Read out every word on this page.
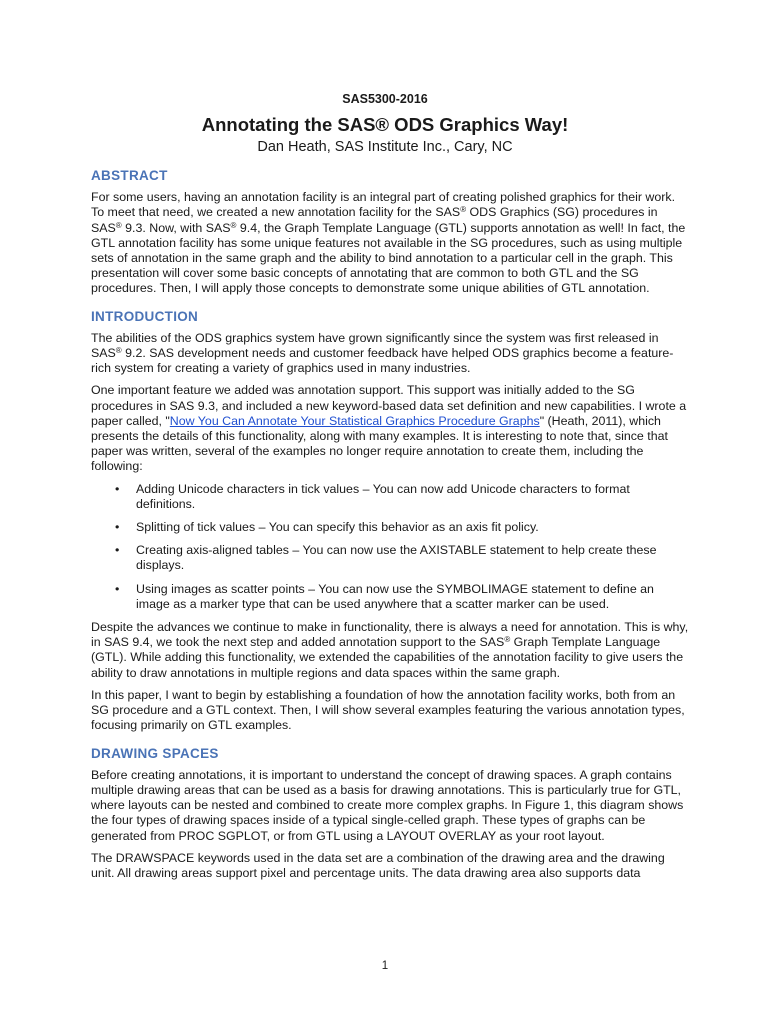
SAS5300-2016
Annotating the SAS® ODS Graphics Way!
Dan Heath, SAS Institute Inc., Cary, NC
ABSTRACT

For some users, having an annotation facility is an integral part of creating polished graphics for their work. To meet that need, we created a new annotation facility for the SAS® ODS Graphics (SG) procedures in SAS® 9.3. Now, with SAS® 9.4, the Graph Template Language (GTL) supports annotation as well! In fact, the GTL annotation facility has some unique features not available in the SG procedures, such as using multiple sets of annotation in the same graph and the ability to bind annotation to a particular cell in the graph. This presentation will cover some basic concepts of annotating that are common to both GTL and the SG procedures. Then, I will apply those concepts to demonstrate some unique abilities of GTL annotation.

INTRODUCTION

The abilities of the ODS graphics system have grown significantly since the system was first released in SAS® 9.2. SAS development needs and customer feedback have helped ODS graphics become a feature-rich system for creating a variety of graphics used in many industries.

One important feature we added was annotation support. This support was initially added to the SG procedures in SAS 9.3, and included a new keyword-based data set definition and new capabilities. I wrote a paper called, "Now You Can Annotate Your Statistical Graphics Procedure Graphs" (Heath, 2011), which presents the details of this functionality, along with many examples. It is interesting to note that, since that paper was written, several of the examples no longer require annotation to create them, including the following:

• Adding Unicode characters in tick values – You can now add Unicode characters to format definitions.
• Splitting of tick values – You can specify this behavior as an axis fit policy.
• Creating axis-aligned tables – You can now use the AXISTABLE statement to help create these displays.
• Using images as scatter points – You can now use the SYMBOLIMAGE statement to define an image as a marker type that can be used anywhere that a scatter marker can be used.

Despite the advances we continue to make in functionality, there is always a need for annotation. This is why, in SAS 9.4, we took the next step and added annotation support to the SAS® Graph Template Language (GTL). While adding this functionality, we extended the capabilities of the annotation facility to give users the ability to draw annotations in multiple regions and data spaces within the same graph.

In this paper, I want to begin by establishing a foundation of how the annotation facility works, both from an SG procedure and a GTL context. Then, I will show several examples featuring the various annotation types, focusing primarily on GTL examples.

DRAWING SPACES

Before creating annotations, it is important to understand the concept of drawing spaces. A graph contains multiple drawing areas that can be used as a basis for drawing annotations. This is particularly true for GTL, where layouts can be nested and combined to create more complex graphs. In Figure 1, this diagram shows the four types of drawing spaces inside of a typical single-celled graph. These types of graphs can be generated from PROC SGPLOT, or from GTL using a LAYOUT OVERLAY as your root layout.

The DRAWSPACE keywords used in the data set are a combination of the drawing area and the drawing unit. All drawing areas support pixel and percentage units. The data drawing area also supports data

1
